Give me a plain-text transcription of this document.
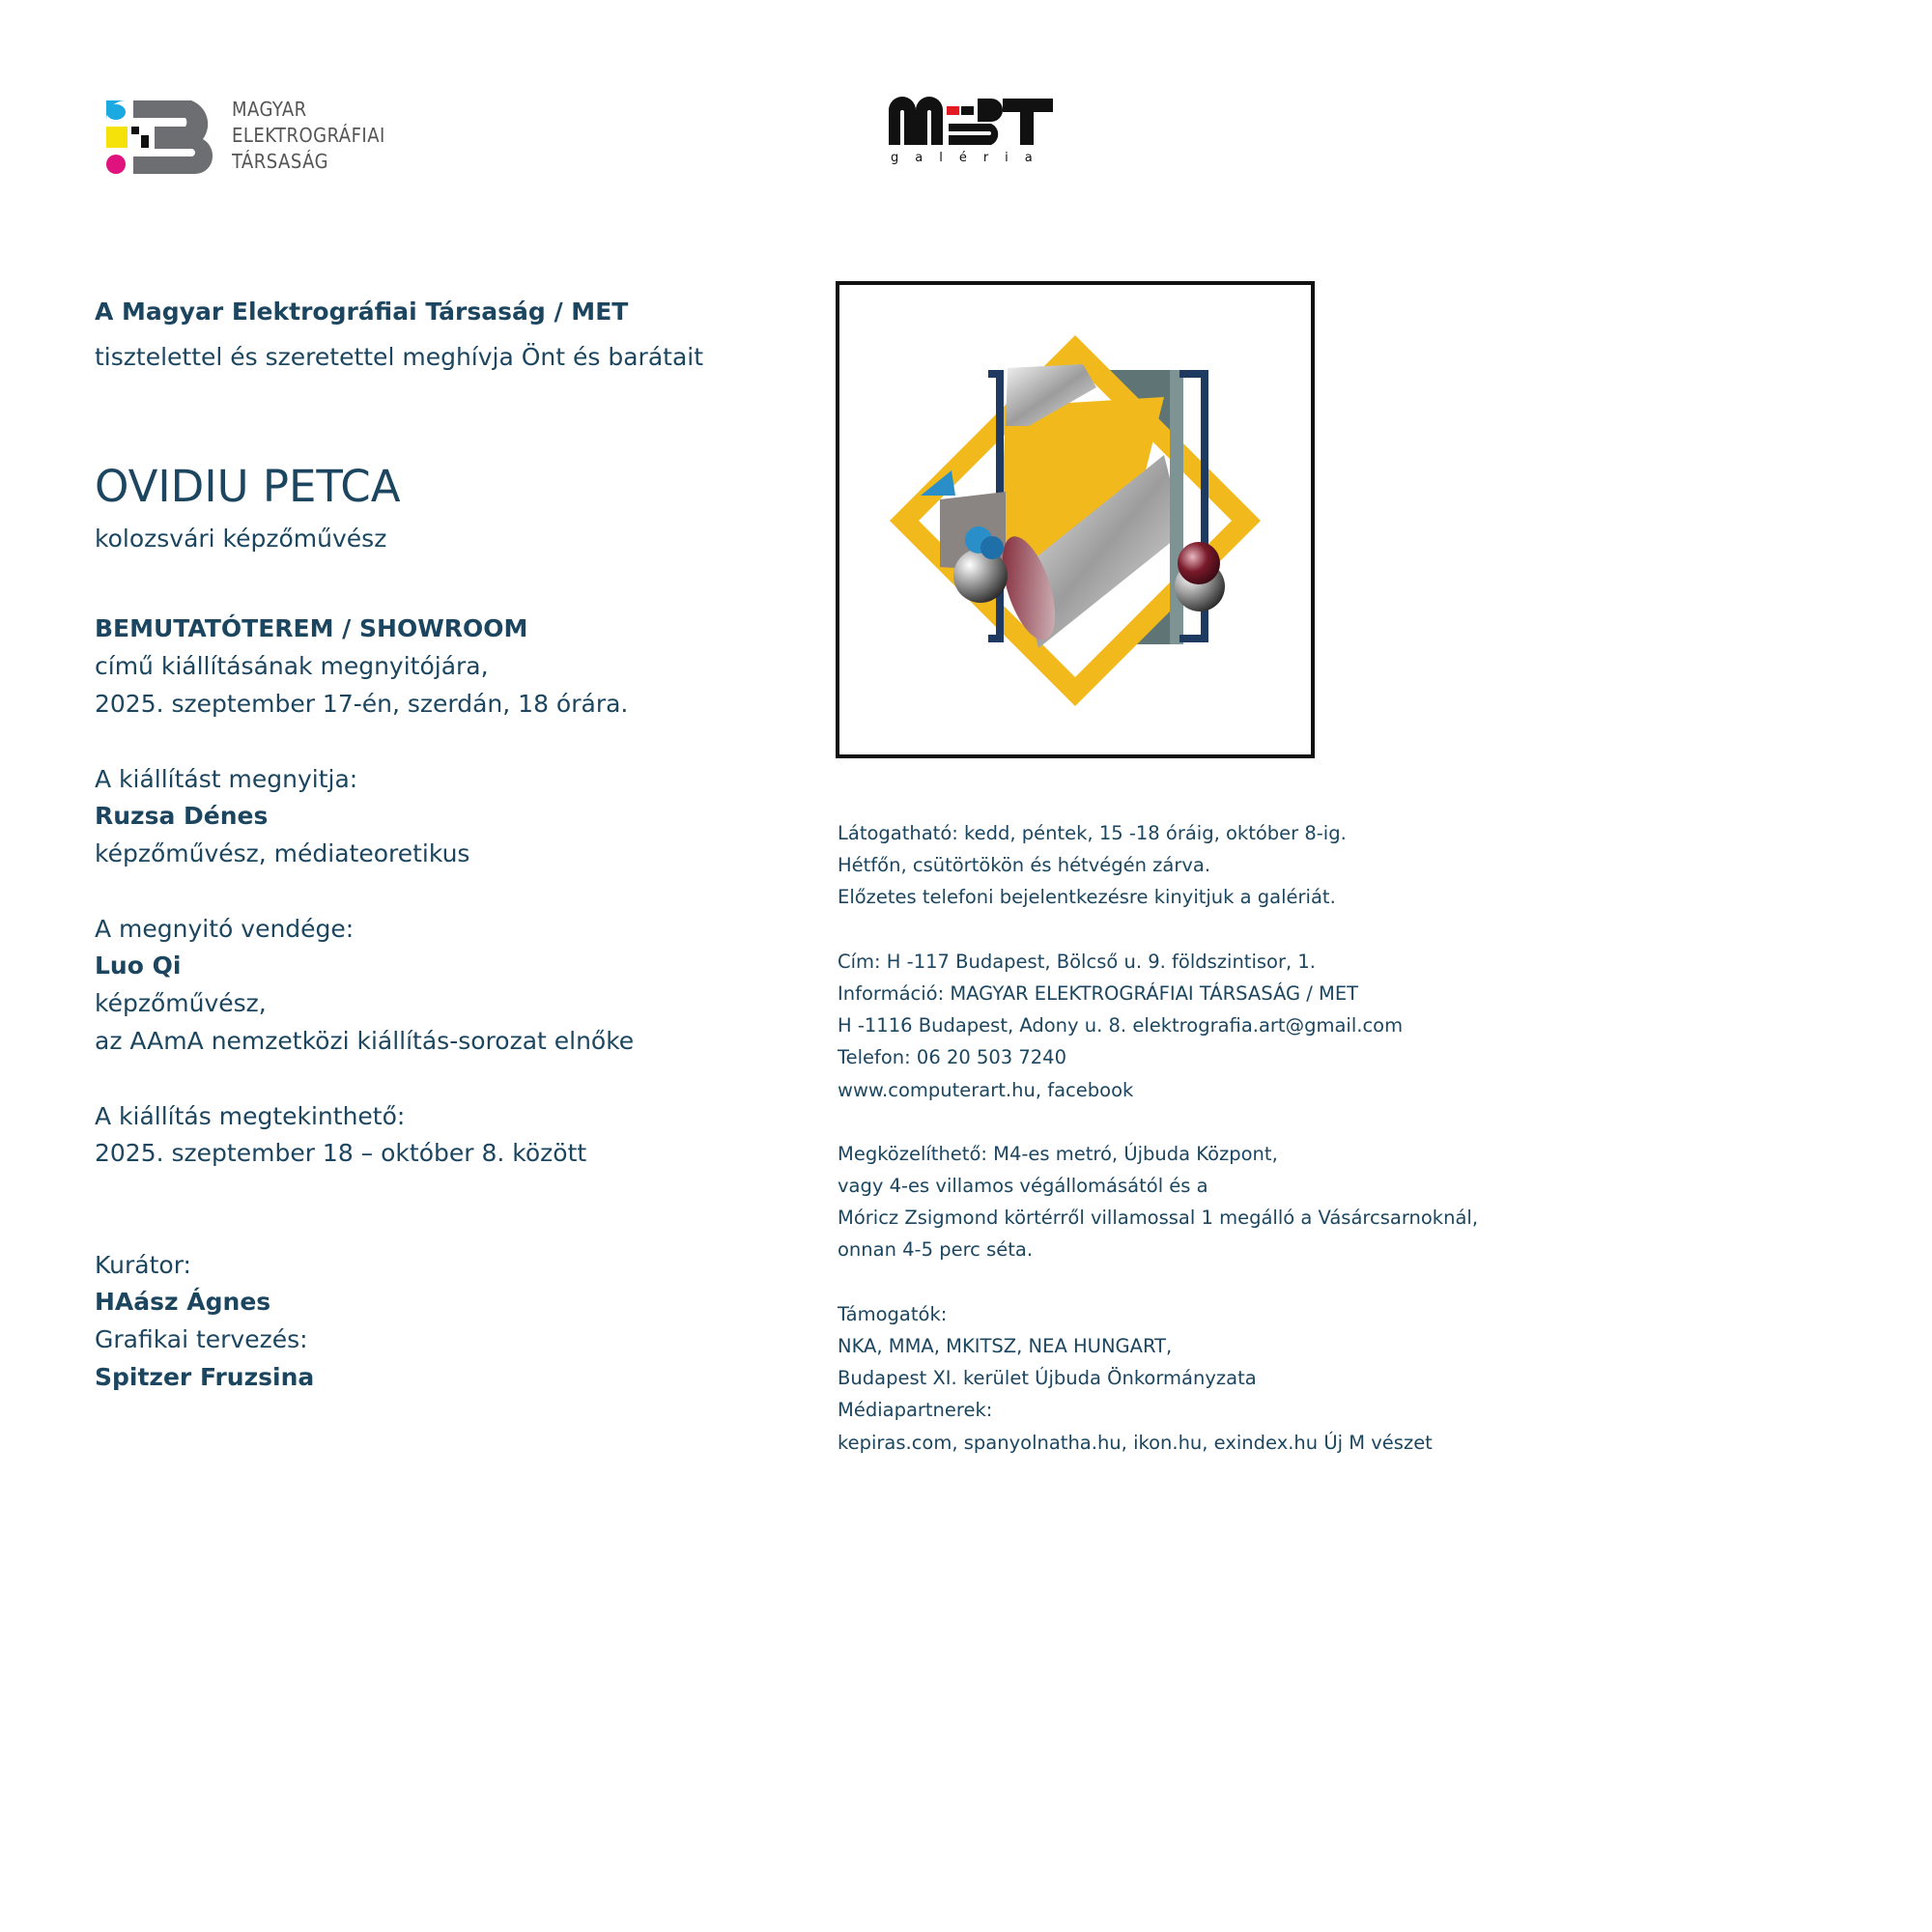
MAGYAR
ELEKTROGRÁFIAI
TÁRSASÁG	galéria
A Magyar Elektrográfiai Társaság / MET
tisztelettel és szeretettel meghívja Önt és barátait
OVIDIU PETCA
kolozsvári képzőművész
BEMUTATÓTEREM / SHOWROOM
című kiállításának megnyitójára,
2025. szeptember 17-én, szerdán, 18 órára.
A kiállítást megnyitja:
Ruzsa Dénes
képzőművész, médiateoretikus
A megnyitó vendége:
Luo Qi
képzőművész,
az AAmA nemzetközi kiállítás-sorozat elnőke
A kiállítás megtekinthető:
2025. szeptember 18 – október 8. között
Kurátor:
HAász Ágnes
Grafikai tervezés:
Spitzer Fruzsina
Látogatható: kedd, péntek, 15 -18 óráig, október 8-ig.
Hétfőn, csütörtökön és hétvégén zárva.
Előzetes telefoni bejelentkezésre kinyitjuk a galériát.
Cím: H -117 Budapest, Bölcső u. 9. földszintisor, 1.
Információ: MAGYAR ELEKTROGRÁFIAI TÁRSASÁG / MET
H -1116 Budapest, Adony u. 8. elektrografia.art@gmail.com
Telefon: 06 20 503 7240
www.computerart.hu, facebook
Megközelíthető: M4-es metró, Újbuda Központ,
vagy 4-es villamos végállomásától és a
Móricz Zsigmond körtérről villamossal 1 megálló a Vásárcsarnoknál,
onnan 4-5 perc séta.
Támogatók:
NKA, MMA, MKITSZ, NEA HUNGART,
Budapest XI. kerület Újbuda Önkormányzata
Médiapartnerek:
kepiras.com, spanyolnatha.hu, ikon.hu, exindex.hu Új M vészet
